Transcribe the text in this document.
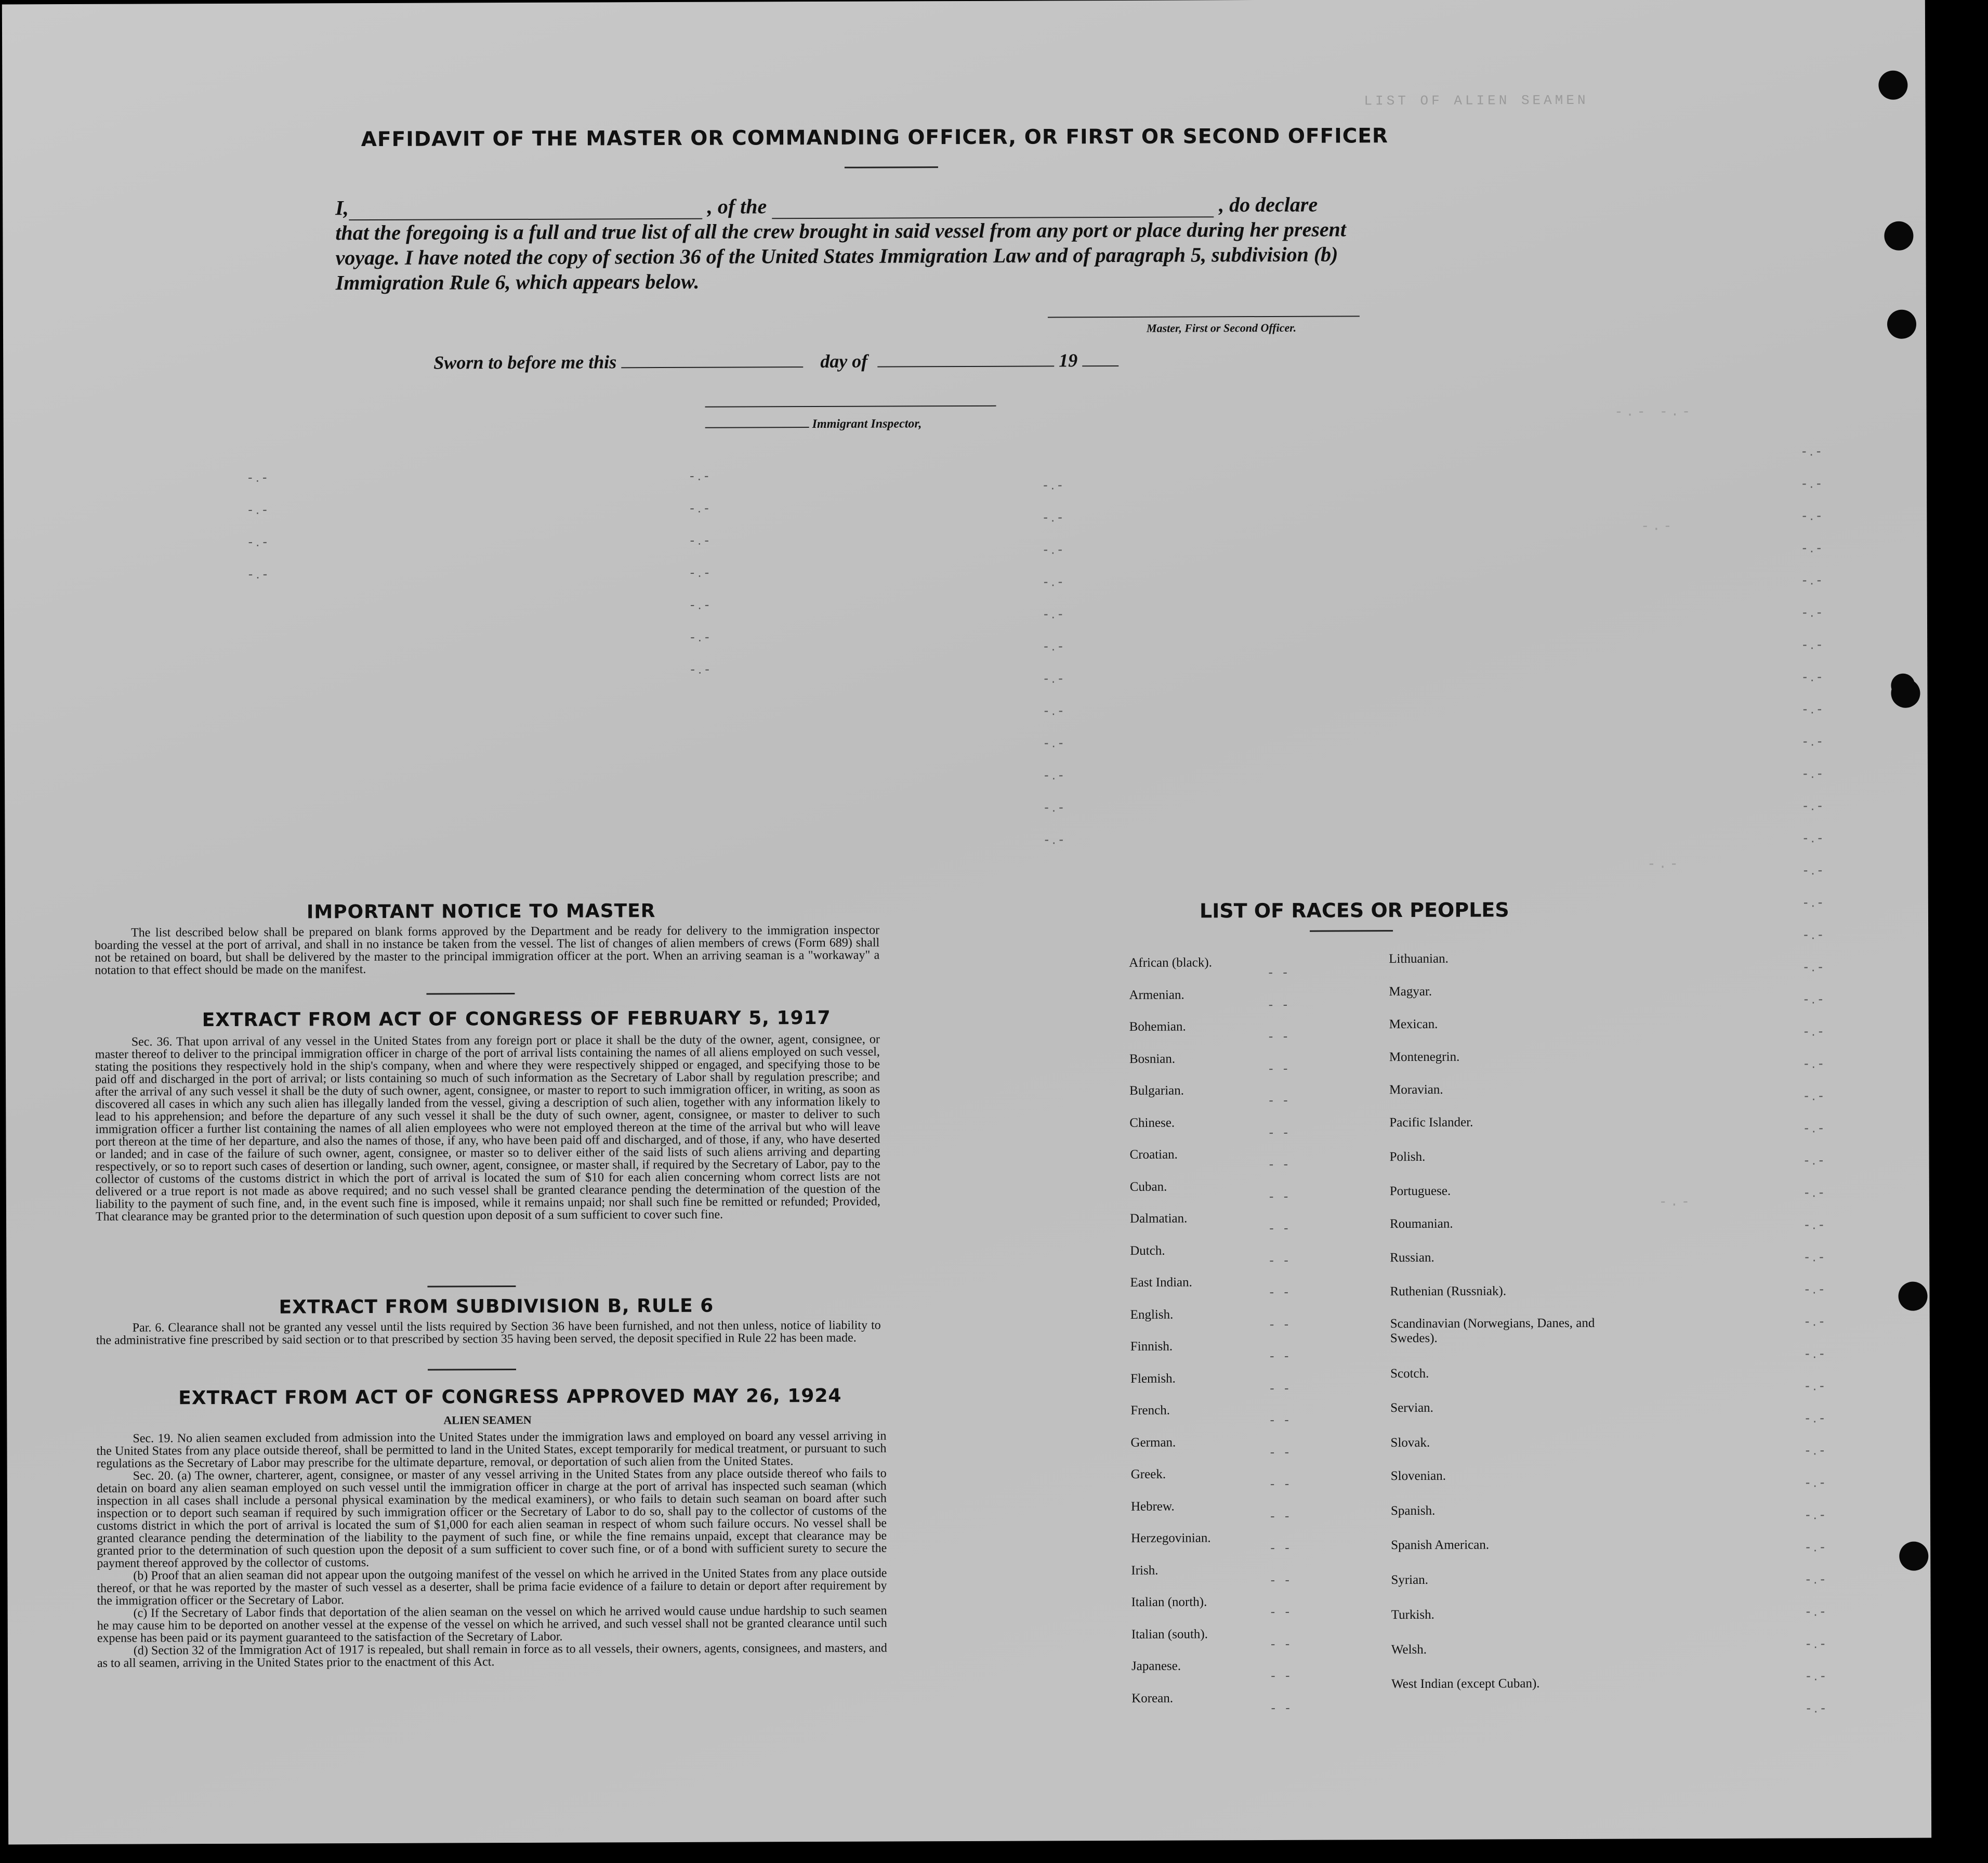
LIST OF ALIEN SEAMEN
-.- -.-
-.-
-.-
-.-
-.-
-.-
-.-
-.-
-.-
-.-
-.-
-.-
-.-
-.-
-.-
-.-
-.-
-.-
-.-
-.-
-.-
-.-
-.-
-.-
-.-
-.-
-.-
- -
- -
- -
- -
- -
- -
- -
- -
- -
- -
- -
- -
- -
- -
- -
- -
- -
- -
- -
- -
- -
- -
- -
- -
-.-
-.-
-.-
-.-
-.-
-.-
-.-
-.-
-.-
-.-
-.-
-.-
-.-
-.-
-.-
-.-
-.-
-.-
-.-
-.-
-.-
-.-
-.-
-.-
-.-
-.-
-.-
-.-
-.-
-.-
-.-
-.-
-.-
-.-
-.-
-.-
-.-
-.-
-.-
-.-
AFFIDAVIT OF THE MASTER OR COMMANDING OFFICER, OR FIRST OR SECOND OFFICER
I,	, of the	, do declare
that the foregoing is a full and true list of all the crew brought in said vessel from any port or place during her present voyage. I have noted the copy of section 36 of the United States Immigration Law and of paragraph 5, subdivision (b) Immigration Rule 6, which appears below.
Master, First or Second Officer.
Sworn to before me this	day of	19
Immigrant Inspector,
IMPORTANT NOTICE TO MASTER

The list described below shall be prepared on blank forms approved by the Department and be ready for delivery to the immigration inspector boarding the vessel at the port of arrival, and shall in no instance be taken from the vessel. The list of changes of alien members of crews (Form 689) shall not be retained on board, but shall be delivered by the master to the principal immigration officer at the port. When an arriving seaman is a "workaway" a notation to that effect should be made on the manifest.

EXTRACT FROM ACT OF CONGRESS OF FEBRUARY 5, 1917

Sec. 36. That upon arrival of any vessel in the United States from any foreign port or place it shall be the duty of the owner, agent, consignee, or master thereof to deliver to the principal immigration officer in charge of the port of arrival lists containing the names of all aliens employed on such vessel, stating the positions they respectively hold in the ship's company, when and where they were respectively shipped or engaged, and specifying those to be paid off and discharged in the port of arrival; or lists containing so much of such information as the Secretary of Labor shall by regulation prescribe; and after the arrival of any such vessel it shall be the duty of such owner, agent, consignee, or master to report to such immigration officer, in writing, as soon as discovered all cases in which any such alien has illegally landed from the vessel, giving a description of such alien, together with any information likely to lead to his apprehension; and before the departure of any such vessel it shall be the duty of such owner, agent, consignee, or master to deliver to such immigration officer a further list containing the names of all alien employees who were not employed thereon at the time of the arrival but who will leave port thereon at the time of her departure, and also the names of those, if any, who have been paid off and discharged, and of those, if any, who have deserted or landed; and in case of the failure of such owner, agent, consignee, or master so to deliver either of the said lists of such aliens arriving and departing respectively, or so to report such cases of desertion or landing, such owner, agent, consignee, or master shall, if required by the Secretary of Labor, pay to the collector of customs of the customs district in which the port of arrival is located the sum of $10 for each alien concerning whom correct lists are not delivered or a true report is not made as above required; and no such vessel shall be granted clearance pending the determination of the question of the liability to the payment of such fine, and, in the event such fine is imposed, while it remains unpaid; nor shall such fine be remitted or refunded; Provided, That clearance may be granted prior to the determination of such question upon deposit of a sum sufficient to cover such fine.

EXTRACT FROM SUBDIVISION B, RULE 6

Par. 6. Clearance shall not be granted any vessel until the lists required by Section 36 have been furnished, and not then unless, notice of liability to the administrative fine prescribed by said section or to that prescribed by section 35 having been served, the deposit specified in Rule 22 has been made.

EXTRACT FROM ACT OF CONGRESS APPROVED MAY 26, 1924
ALIEN SEAMEN

Sec. 19. No alien seamen excluded from admission into the United States under the immigration laws and employed on board any vessel arriving in the United States from any place outside thereof, shall be permitted to land in the United States, except temporarily for medical treatment, or pursuant to such regulations as the Secretary of Labor may prescribe for the ultimate departure, removal, or deportation of such alien from the United States.

Sec. 20. (a) The owner, charterer, agent, consignee, or master of any vessel arriving in the United States from any place outside thereof who fails to detain on board any alien seaman employed on such vessel until the immigration officer in charge at the port of arrival has inspected such seaman (which inspection in all cases shall include a personal physical examination by the medical examiners), or who fails to detain such seaman on board after such inspection or to deport such seaman if required by such immigration officer or the Secretary of Labor to do so, shall pay to the collector of customs of the customs district in which the port of arrival is located the sum of $1,000 for each alien seaman in respect of whom such failure occurs. No vessel shall be granted clearance pending the determination of the liability to the payment of such fine, or while the fine remains unpaid, except that clearance may be granted prior to the determination of such question upon the deposit of a sum sufficient to cover such fine, or of a bond with sufficient surety to secure the payment thereof approved by the collector of customs.

(b) Proof that an alien seaman did not appear upon the outgoing manifest of the vessel on which he arrived in the United States from any place outside thereof, or that he was reported by the master of such vessel as a deserter, shall be prima facie evidence of a failure to detain or deport after requirement by the immigration officer or the Secretary of Labor.

(c) If the Secretary of Labor finds that deportation of the alien seaman on the vessel on which he arrived would cause undue hardship to such seamen he may cause him to be deported on another vessel at the expense of the vessel on which he arrived, and such vessel shall not be granted clearance until such expense has been paid or its payment guaranteed to the satisfaction of the Secretary of Labor.

(d) Section 32 of the Immigration Act of 1917 is repealed, but shall remain in force as to all vessels, their owners, agents, consignees, and masters, and as to all seamen, arriving in the United States prior to the enactment of this Act.

LIST OF RACES OR PEOPLES
African (black).
Armenian.
Bohemian.
Bosnian.
Bulgarian.
Chinese.
Croatian.
Cuban.
Dalmatian.
Dutch.
East Indian.
English.
Finnish.
Flemish.
French.
German.
Greek.
Hebrew.
Herzegovinian.
Irish.
Italian (north).
Italian (south).
Japanese.
Korean.
Lithuanian.
Magyar.
Mexican.
Montenegrin.
Moravian.
Pacific Islander.
Polish.
Portuguese.
Roumanian.
Russian.
Ruthenian (Russniak).
Scandinavian (Norwegians, Danes, and Swedes).
Scotch.
Servian.
Slovak.
Slovenian.
Spanish.
Spanish American.
Syrian.
Turkish.
Welsh.
West Indian (except Cuban).
